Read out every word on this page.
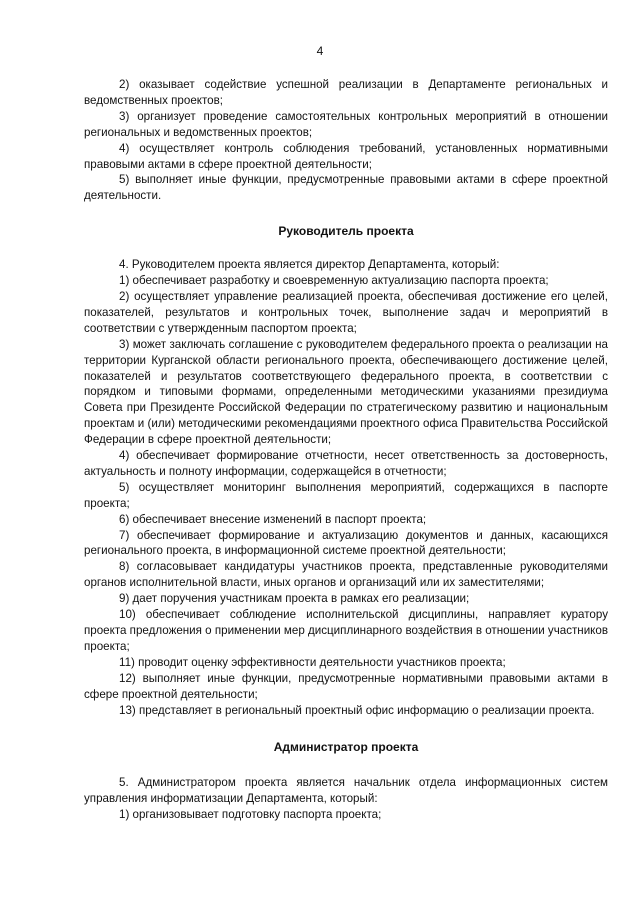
4

2) оказывает содействие успешной реализации в Департаменте региональных и ведомственных проектов;

3) организует проведение самостоятельных контрольных мероприятий в отношении региональных и ведомственных проектов;

4) осуществляет контроль соблюдения требований, установленных нормативными правовыми актами в сфере проектной деятельности;

5) выполняет иные функции, предусмотренные правовыми актами в сфере проектной деятельности.

Руководитель проекта

4. Руководителем проекта является директор Департамента, который:

1) обеспечивает разработку и своевременную актуализацию паспорта проекта;

2) осуществляет управление реализацией проекта, обеспечивая достижение его целей, показателей, результатов и контрольных точек, выполнение задач и мероприятий в соответствии с утвержденным паспортом проекта;

3) может заключать соглашение с руководителем федерального проекта о реализации на территории Курганской области регионального проекта, обеспечивающего достижение целей, показателей и результатов соответствующего федерального проекта, в соответствии с порядком и типовыми формами, определенными методическими указаниями президиума Совета при Президенте Российской Федерации по стратегическому развитию и национальным проектам и (или) методическими рекомендациями проектного офиса Правительства Российской Федерации в сфере проектной деятельности;

4) обеспечивает формирование отчетности, несет ответственность за достоверность, актуальность и полноту информации, содержащейся в отчетности;

5) осуществляет мониторинг выполнения мероприятий, содержащихся в паспорте проекта;

6) обеспечивает внесение изменений в паспорт проекта;

7) обеспечивает формирование и актуализацию документов и данных, касающихся регионального проекта, в информационной системе проектной деятельности;

8) согласовывает кандидатуры участников проекта, представленные руководителями органов исполнительной власти, иных органов и организаций или их заместителями;

9) дает поручения участникам проекта в рамках его реализации;

10) обеспечивает соблюдение исполнительской дисциплины, направляет куратору проекта предложения о применении мер дисциплинарного воздействия в отношении участников проекта;

11) проводит оценку эффективности деятельности участников проекта;

12) выполняет иные функции, предусмотренные нормативными правовыми актами в сфере проектной деятельности;

13) представляет в региональный проектный офис информацию о реализации проекта.

Администратор проекта

5. Администратором проекта является начальник отдела информационных систем управления информатизации Департамента, который:

1) организовывает подготовку паспорта проекта;
